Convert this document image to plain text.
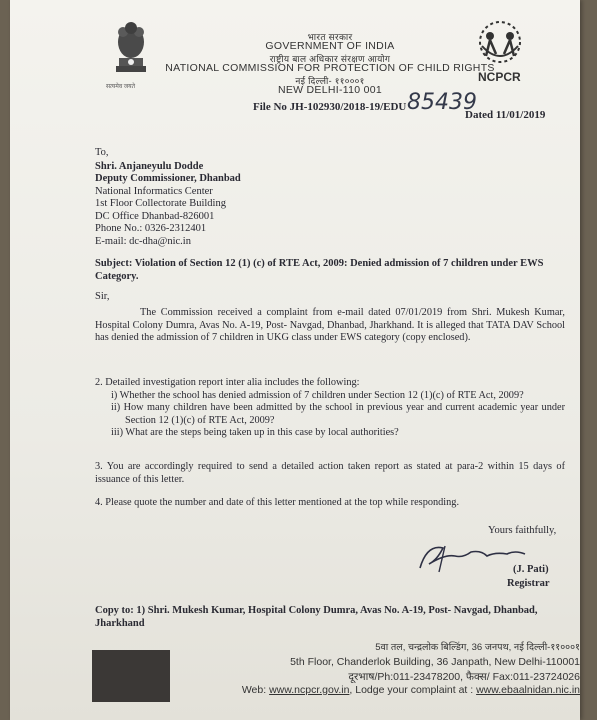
सत्यमेव जयते
NCPCR
भारत सरकार
GOVERNMENT OF INDIA
राष्ट्रीय बाल अधिकार संरक्षण आयोग
NATIONAL COMMISSION FOR PROTECTION OF CHILD RIGHTS
नई दिल्ली- ११०००१
NEW DELHI-110 001
File No JH-102930/2018-19/EDU 85439
Dated 11/01/2019
To,
Shri. Anjaneyulu Dodde
Deputy Commissioner, Dhanbad
National Informatics Center
1st Floor Collectorate Building
DC Office Dhanbad-826001
Phone No.: 0326-2312401
E-mail: dc-dha@nic.in
Subject: Violation of Section 12 (1) (c) of RTE Act, 2009: Denied admission of 7 children under EWS Category.
Sir,
The Commission received a complaint from e-mail dated 07/01/2019 from Shri. Mukesh Kumar, Hospital Colony Dumra, Avas No. A-19, Post- Navgad, Dhanbad, Jharkhand. It is alleged that TATA DAV School has denied the admission of 7 children in UKG class under EWS category (copy enclosed).
2. Detailed investigation report inter alia includes the following:
i) Whether the school has denied admission of 7 children under Section 12 (1)(c) of RTE Act, 2009?
ii) How many children have been admitted by the school in previous year and current academic year under Section 12 (1)(c) of RTE Act, 2009?
iii) What are the steps being taken up in this case by local authorities?
3. You are accordingly required to send a detailed action taken report as stated at para-2 within 15 days of issuance of this letter.
4. Please quote the number and date of this letter mentioned at the top while responding.
Yours faithfully,
(J. Pati)
Registrar
Copy to: 1) Shri. Mukesh Kumar, Hospital Colony Dumra, Avas No. A-19, Post- Navgad, Dhanbad, Jharkhand
5वा तल, चन्द्रलोक बिल्डिंग, 36 जनपथ, नई दिल्ली-११०००१
5th Floor, Chanderlok Building, 36 Janpath, New Delhi-110001
दूरभाष/Ph:011-23478200, फैक्स/ Fax:011-23724026
Web: www.ncpcr.gov.in, Lodge your complaint at : www.ebaalnidan.nic.in
